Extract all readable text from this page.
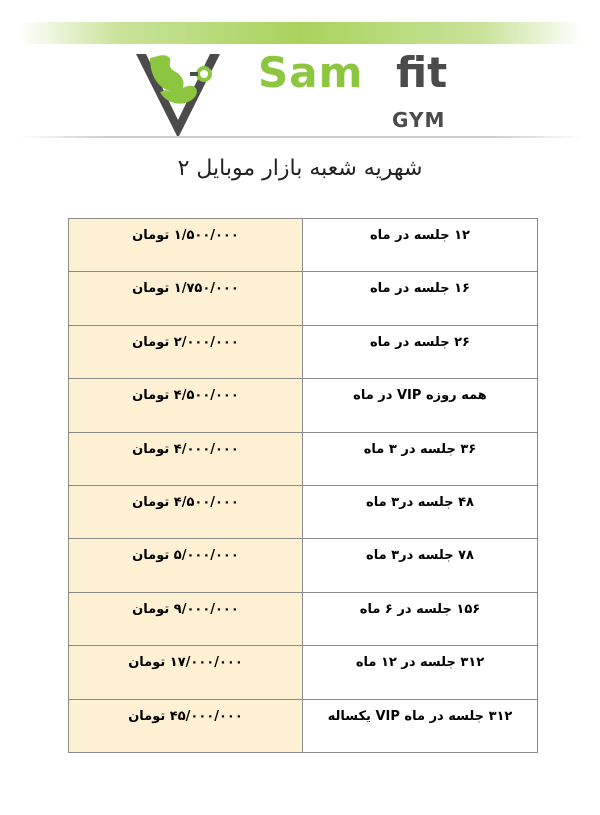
Sam fit
GYM
شهریه شعبه بازار موبایل ۲
۱/۵۰۰/۰۰۰ تومان	۱۲ جلسه در ماه
۱/۷۵۰/۰۰۰ تومان	۱۶ جلسه در ماه
۲/۰۰۰/۰۰۰ تومان	۲۶ جلسه در ماه
۴/۵۰۰/۰۰۰ تومان	همه روزه VIP در ماه
۴/۰۰۰/۰۰۰ تومان	۳۶ جلسه در ۳ ماه
۴/۵۰۰/۰۰۰ تومان	۴۸ جلسه در۳ ماه
۵/۰۰۰/۰۰۰ تومان	۷۸ جلسه در۳ ماه
۹/۰۰۰/۰۰۰ تومان	۱۵۶ جلسه در ۶ ماه
۱۷/۰۰۰/۰۰۰ تومان	۳۱۲ جلسه در ۱۲ ماه
۴۵/۰۰۰/۰۰۰ تومان	۳۱۲ جلسه در ماه VIP یکساله
